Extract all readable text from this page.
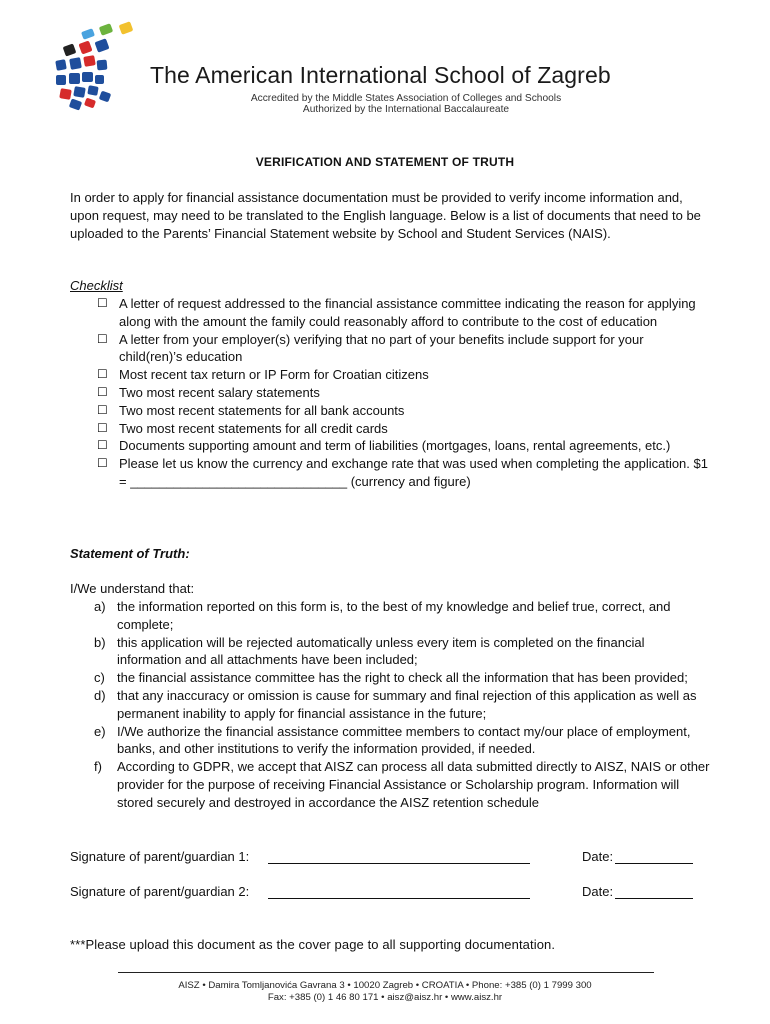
The American International School of Zagreb
Accredited by the Middle States Association of Colleges and Schools
Authorized by the International Baccalaureate
VERIFICATION AND STATEMENT OF TRUTH
In order to apply for financial assistance documentation must be provided to verify income information and, upon request, may need to be translated to the English language. Below is a list of documents that need to be uploaded to the Parents’ Financial Statement website by School and Student Services (NAIS).
Checklist
☐ A letter of request addressed to the financial assistance committee indicating the reason for applying along with the amount the family could reasonably afford to contribute to the cost of education
☐ A letter from your employer(s) verifying that no part of your benefits include support for your child(ren)’s education
☐ Most recent tax return or IP Form for Croatian citizens
☐ Two most recent salary statements
☐ Two most recent statements for all bank accounts
☐ Two most recent statements for all credit cards
☐ Documents supporting amount and term of liabilities (mortgages, loans, rental agreements, etc.)
☐ Please let us know the currency and exchange rate that was used when completing the application. $1 = ______________________________ (currency and figure)
Statement of Truth:
I/We understand that:
a) the information reported on this form is, to the best of my knowledge and belief true, correct, and complete;
b) this application will be rejected automatically unless every item is completed on the financial information and all attachments have been included;
c) the financial assistance committee has the right to check all the information that has been provided;
d) that any inaccuracy or omission is cause for summary and final rejection of this application as well as permanent inability to apply for financial assistance in the future;
e) I/We authorize the financial assistance committee members to contact my/our place of employment, banks, and other institutions to verify the information provided, if needed.
f) According to GDPR, we accept that AISZ can process all data submitted directly to AISZ, NAIS or other provider for the purpose of receiving Financial Assistance or Scholarship program. Information will stored securely and destroyed in accordance the AISZ retention schedule
Signature of parent/guardian 1:	Date:
Signature of parent/guardian 2:	Date:
***Please upload this document as the cover page to all supporting documentation.
AISZ • Damira Tomljanovića Gavrana 3 • 10020 Zagreb • CROATIA • Phone: +385 (0) 1 7999 300
Fax: +385 (0) 1 46 80 171 • aisz@aisz.hr • www.aisz.hr
